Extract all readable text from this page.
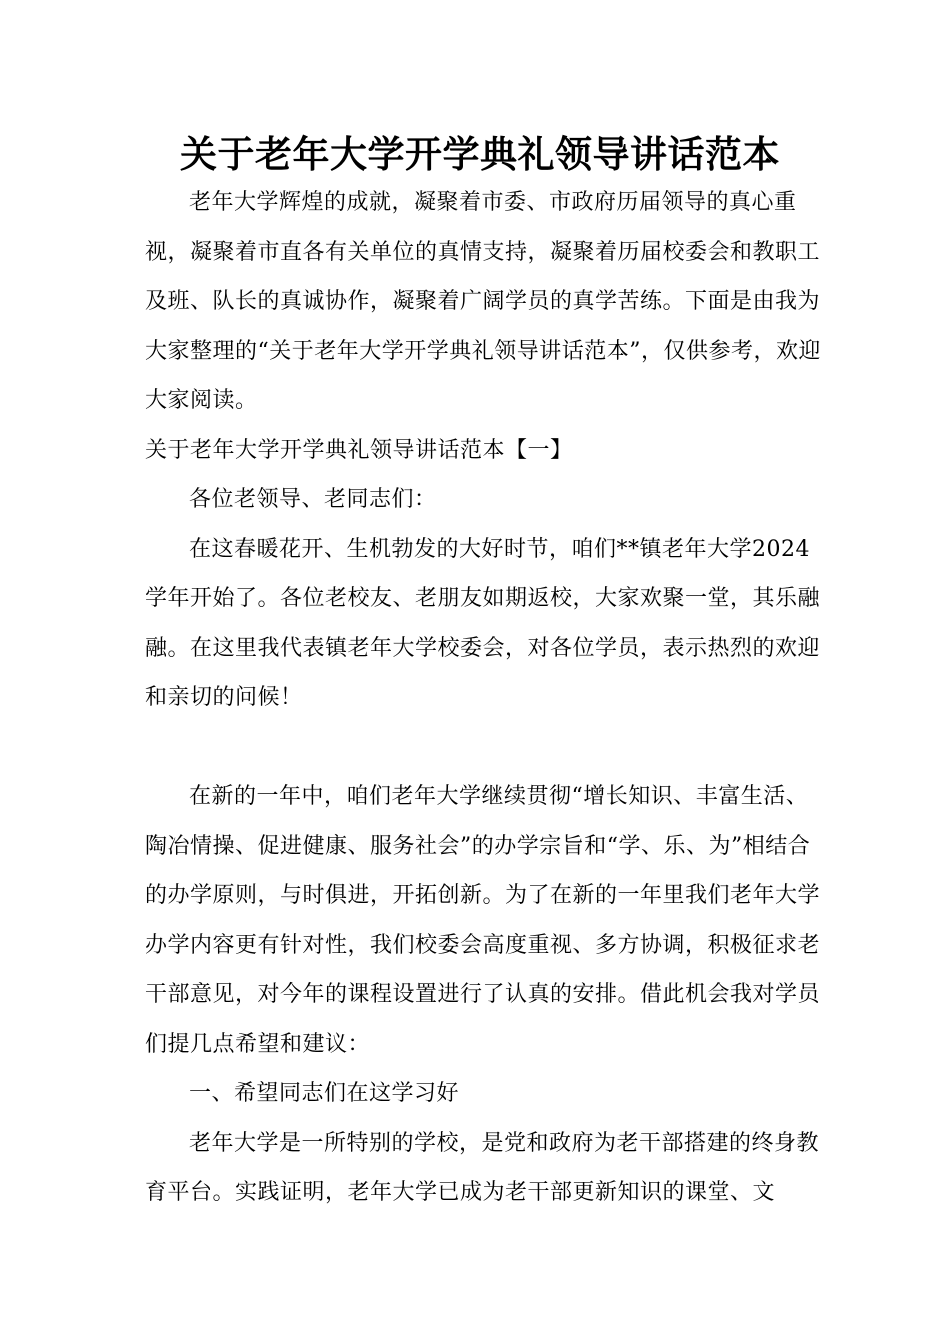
关于老年大学开学典礼领导讲话范本

老年大学辉煌的成就，凝聚着市委、市政府历届领导的真心重视，凝聚着市直各有关单位的真情支持，凝聚着历届校委会和教职工及班、队长的真诚协作，凝聚着广阔学员的真学苦练。下面是由我为大家整理的“关于老年大学开学典礼领导讲话范本”，仅供参考，欢迎大家阅读。

关于老年大学开学典礼领导讲话范本【一】

各位老领导、老同志们：

在这春暖花开、生机勃发的大好时节，咱们**镇老年大学2024学年开始了。各位老校友、老朋友如期返校，大家欢聚一堂，其乐融融。在这里我代表镇老年大学校委会，对各位学员，表示热烈的欢迎和亲切的问候！

在新的一年中，咱们老年大学继续贯彻“增长知识、丰富生活、陶冶情操、促进健康、服务社会”的办学宗旨和“学、乐、为”相结合的办学原则，与时俱进，开拓创新。为了在新的一年里我们老年大学办学内容更有针对性，我们校委会高度重视、多方协调，积极征求老干部意见，对今年的课程设置进行了认真的安排。借此机会我对学员们提几点希望和建议：

一、希望同志们在这学习好

老年大学是一所特别的学校，是党和政府为老干部搭建的终身教育平台。实践证明，老年大学已成为老干部更新知识的课堂、文
